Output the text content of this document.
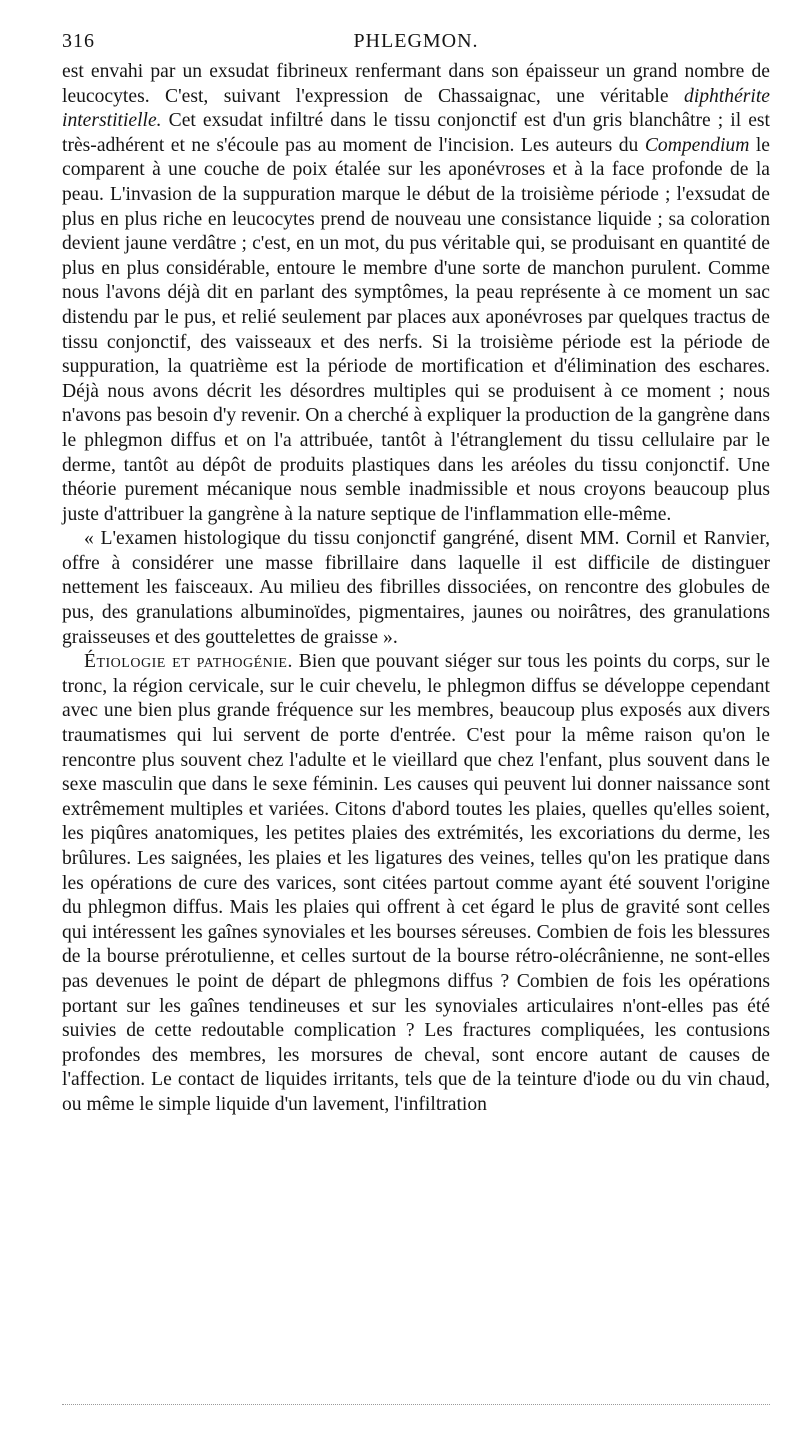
316	PHLEGMON.

est envahi par un exsudat fibrineux renfermant dans son épaisseur un grand nombre de leucocytes. C'est, suivant l'expression de Chassaignac, une véritable diphthérite interstitielle. Cet exsudat infiltré dans le tissu conjonctif est d'un gris blanchâtre ; il est très-adhérent et ne s'écoule pas au moment de l'incision. Les auteurs du Compendium le comparent à une couche de poix étalée sur les aponévroses et à la face profonde de la peau. L'invasion de la suppuration marque le début de la troisième période ; l'exsudat de plus en plus riche en leucocytes prend de nouveau une consistance liquide ; sa coloration devient jaune verdâtre ; c'est, en un mot, du pus véritable qui, se produisant en quantité de plus en plus considérable, entoure le membre d'une sorte de manchon purulent. Comme nous l'avons déjà dit en parlant des symptômes, la peau représente à ce moment un sac distendu par le pus, et relié seulement par places aux aponévroses par quelques tractus de tissu conjonctif, des vaisseaux et des nerfs. Si la troisième période est la période de suppuration, la quatrième est la période de mortification et d'élimination des eschares. Déjà nous avons décrit les désordres multiples qui se produisent à ce moment ; nous n'avons pas besoin d'y revenir. On a cherché à expliquer la production de la gangrène dans le phlegmon diffus et on l'a attribuée, tantôt à l'étranglement du tissu cellulaire par le derme, tantôt au dépôt de produits plastiques dans les aréoles du tissu conjonctif. Une théorie purement mécanique nous semble inadmissible et nous croyons beaucoup plus juste d'attribuer la gangrène à la nature septique de l'inflammation elle-même.

« L'examen histologique du tissu conjonctif gangréné, disent MM. Cornil et Ranvier, offre à considérer une masse fibrillaire dans laquelle il est difficile de distinguer nettement les faisceaux. Au milieu des fibrilles dissociées, on rencontre des globules de pus, des granulations albuminoïdes, pigmentaires, jaunes ou noirâtres, des granulations graisseuses et des gouttelettes de graisse ».

Étiologie et pathogénie. Bien que pouvant siéger sur tous les points du corps, sur le tronc, la région cervicale, sur le cuir chevelu, le phlegmon diffus se développe cependant avec une bien plus grande fréquence sur les membres, beaucoup plus exposés aux divers traumatismes qui lui servent de porte d'entrée. C'est pour la même raison qu'on le rencontre plus souvent chez l'adulte et le vieillard que chez l'enfant, plus souvent dans le sexe masculin que dans le sexe féminin. Les causes qui peuvent lui donner naissance sont extrêmement multiples et variées. Citons d'abord toutes les plaies, quelles qu'elles soient, les piqûres anatomiques, les petites plaies des extrémités, les excoriations du derme, les brûlures. Les saignées, les plaies et les ligatures des veines, telles qu'on les pratique dans les opérations de cure des varices, sont citées partout comme ayant été souvent l'origine du phlegmon diffus. Mais les plaies qui offrent à cet égard le plus de gravité sont celles qui intéressent les gaînes synoviales et les bourses séreuses. Combien de fois les blessures de la bourse prérotulienne, et celles surtout de la bourse rétro-olécrânienne, ne sont-elles pas devenues le point de départ de phlegmons diffus ? Combien de fois les opérations portant sur les gaînes tendineuses et sur les synoviales articulaires n'ont-elles pas été suivies de cette redoutable complication ? Les fractures compliquées, les contusions profondes des membres, les morsures de cheval, sont encore autant de causes de l'affection. Le contact de liquides irritants, tels que de la teinture d'iode ou du vin chaud, ou même le simple liquide d'un lavement, l'infiltration
